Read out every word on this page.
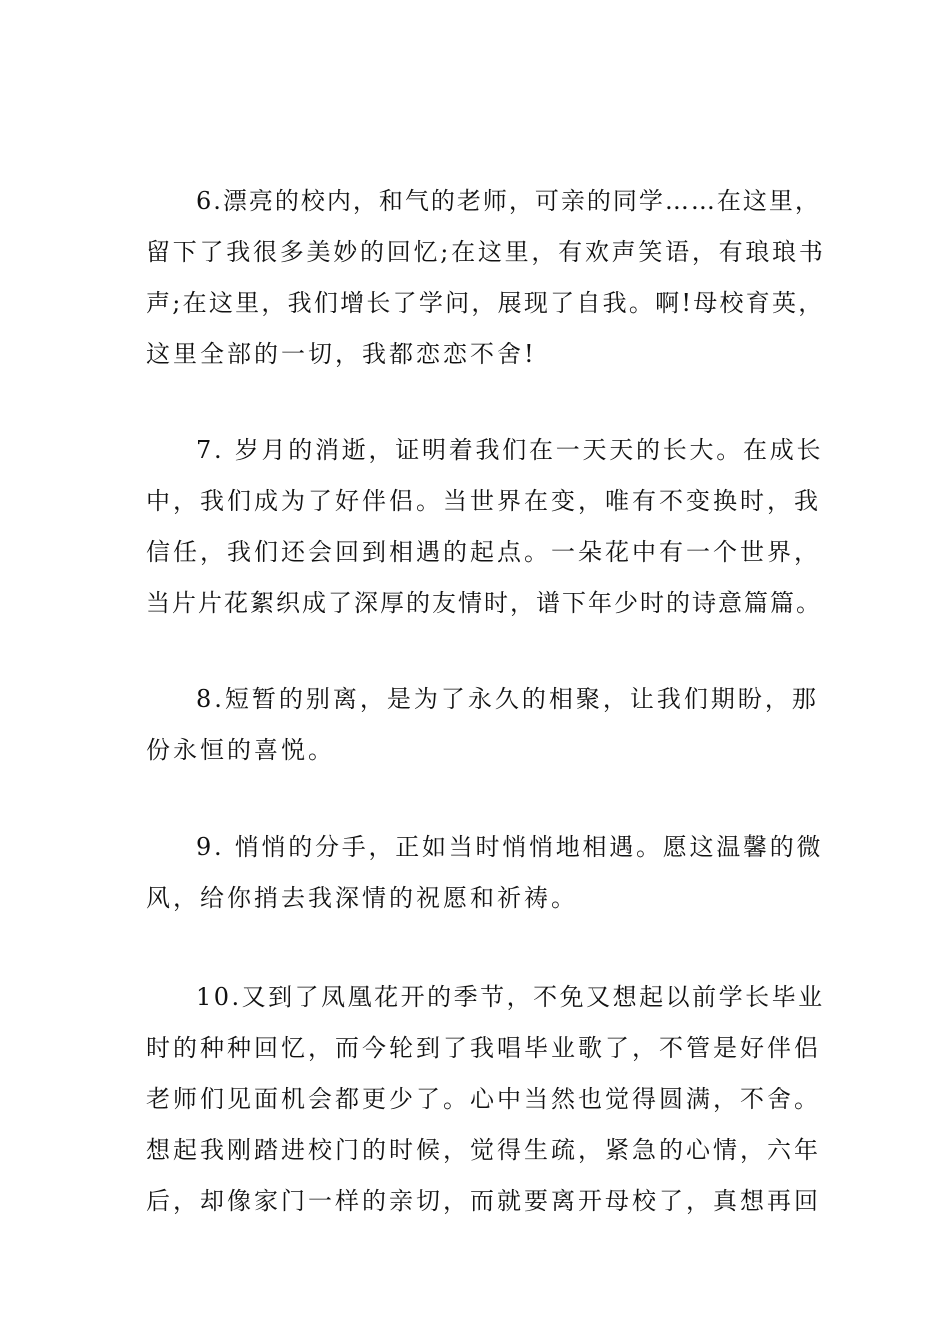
6.漂亮的校内，和气的老师，可亲的同学……在这里，
留下了我很多美妙的回忆;在这里，有欢声笑语，有琅琅书
声;在这里，我们增长了学问，展现了自我。啊!母校育英，
这里全部的一切，我都恋恋不舍!

7. 岁月的消逝，证明着我们在一天天的长大。在成长
中，我们成为了好伴侣。当世界在变，唯有不变换时，我
信任，我们还会回到相遇的起点。一朵花中有一个世界，
当片片花絮织成了深厚的友情时，谱下年少时的诗意篇篇。

8.短暂的别离，是为了永久的相聚，让我们期盼，那
份永恒的喜悦。

9. 悄悄的分手，正如当时悄悄地相遇。愿这温馨的微
风，给你捎去我深情的祝愿和祈祷。

10.又到了凤凰花开的季节，不免又想起以前学长毕业
时的种种回忆，而今轮到了我唱毕业歌了，不管是好伴侣
老师们见面机会都更少了。心中当然也觉得圆满，不舍。
想起我刚踏进校门的时候，觉得生疏，紧急的心情，六年
后，却像家门一样的亲切，而就要离开母校了，真想再回
